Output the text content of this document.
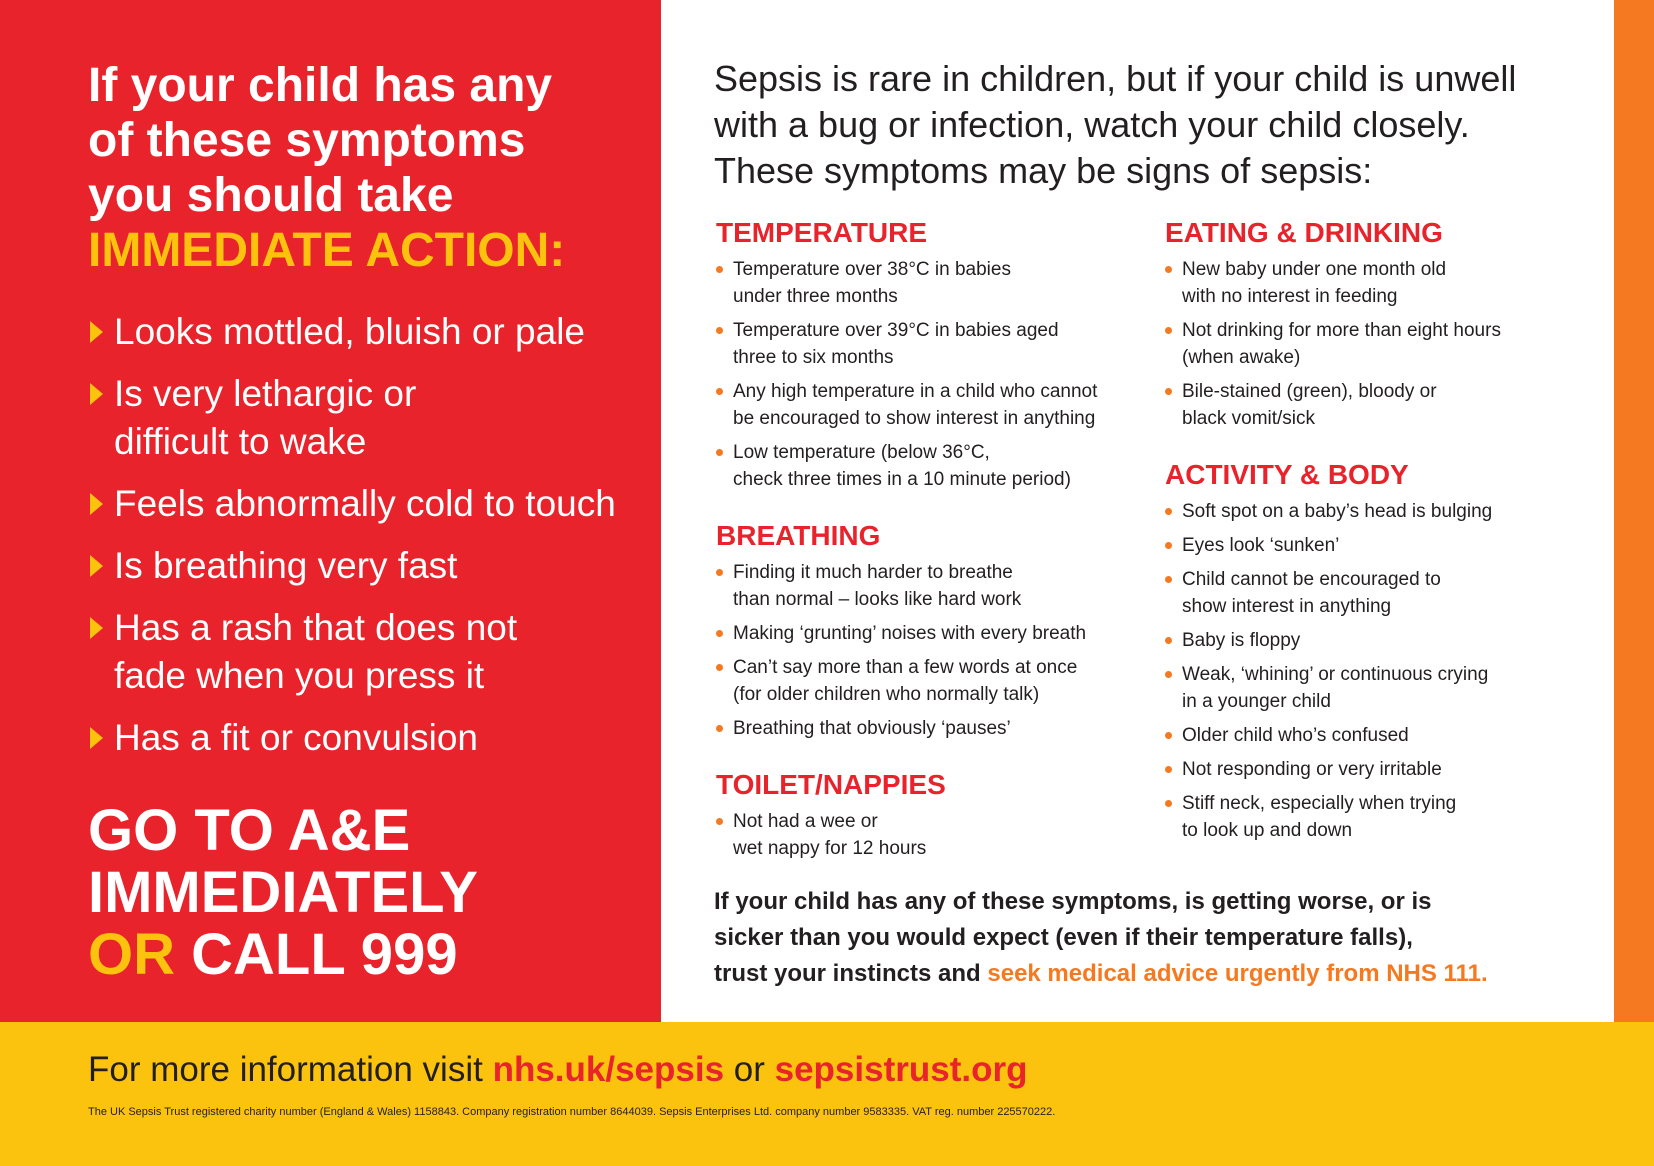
If your child has any
of these symptoms
you should take
IMMEDIATE ACTION:
Looks mottled, bluish or pale
Is very lethargic or
difficult to wake
Feels abnormally cold to touch
Is breathing very fast
Has a rash that does not
fade when you press it
Has a fit or convulsion
GO TO A&E
IMMEDIATELY
OR CALL 999
Sepsis is rare in children, but if your child is unwell
with a bug or infection, watch your child closely.
These symptoms may be signs of sepsis:
TEMPERATURE
Temperature over 38°C in babies
under three months
Temperature over 39°C in babies aged
three to six months
Any high temperature in a child who cannot
be encouraged to show interest in anything
Low temperature (below 36°C,
check three times in a 10 minute period)
BREATHING
Finding it much harder to breathe
than normal – looks like hard work
Making ‘grunting’ noises with every breath
Can’t say more than a few words at once
(for older children who normally talk)
Breathing that obviously ‘pauses’
TOILET/NAPPIES
Not had a wee or
wet nappy for 12 hours
EATING & DRINKING
New baby under one month old
with no interest in feeding
Not drinking for more than eight hours
(when awake)
Bile-stained (green), bloody or
black vomit/sick
ACTIVITY & BODY
Soft spot on a baby’s head is bulging
Eyes look ‘sunken’
Child cannot be encouraged to
show interest in anything
Baby is floppy
Weak, ‘whining’ or continuous crying
in a younger child
Older child who’s confused
Not responding or very irritable
Stiff neck, especially when trying
to look up and down
If your child has any of these symptoms, is getting worse, or is
sicker than you would expect (even if their temperature falls),
trust your instincts and seek medical advice urgently from NHS 111.
For more information visit nhs.uk/sepsis or sepsistrust.org
The UK Sepsis Trust registered charity number (England & Wales) 1158843. Company registration number 8644039. Sepsis Enterprises Ltd. company number 9583335. VAT reg. number 225570222.
